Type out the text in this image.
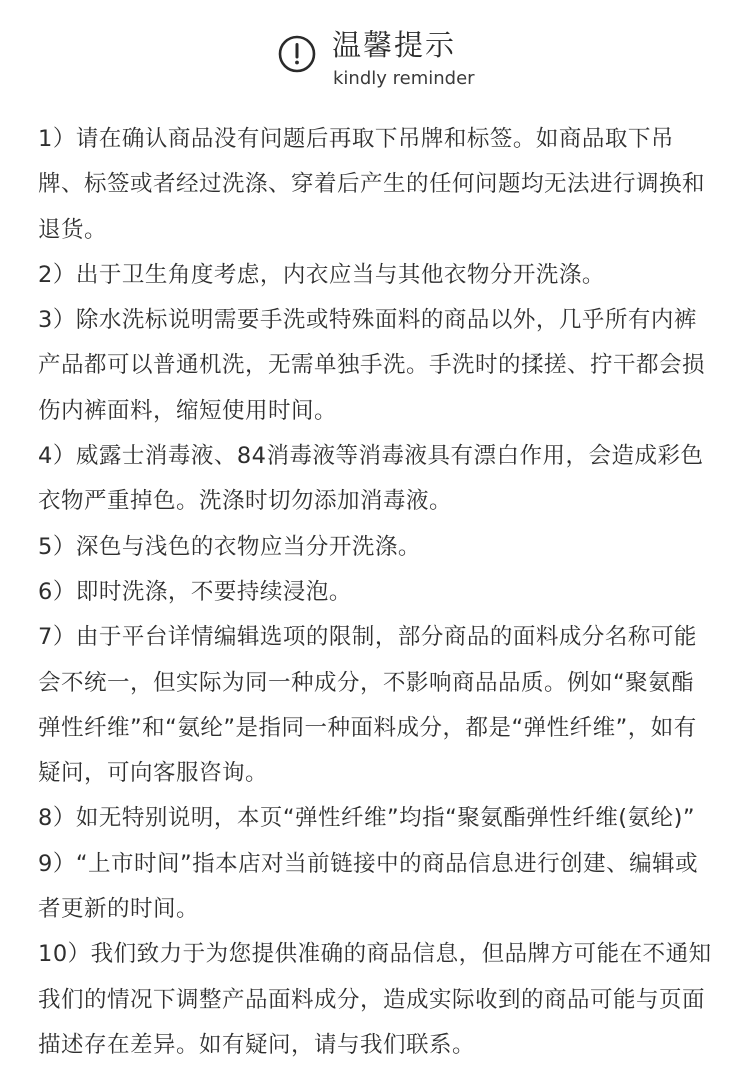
温馨提示
kindly reminder

1）请在确认商品没有问题后再取下吊牌和标签。如商品取下吊牌、标签或者经过洗涤、穿着后产生的任何问题均无法进行调换和退货。

2）出于卫生角度考虑，内衣应当与其他衣物分开洗涤。

3）除水洗标说明需要手洗或特殊面料的商品以外，几乎所有内裤产品都可以普通机洗，无需单独手洗。手洗时的揉搓、拧干都会损伤内裤面料，缩短使用时间。

4）威露士消毒液、84消毒液等消毒液具有漂白作用，会造成彩色衣物严重掉色。洗涤时切勿添加消毒液。

5）深色与浅色的衣物应当分开洗涤。

6）即时洗涤，不要持续浸泡。

7）由于平台详情编辑选项的限制，部分商品的面料成分名称可能会不统一，但实际为同一种成分，不影响商品品质。例如“聚氨酯弹性纤维”和“氨纶”是指同一种面料成分，都是“弹性纤维”，如有疑问，可向客服咨询。

8）如无特别说明，本页“弹性纤维”均指“聚氨酯弹性纤维(氨纶)”

9）“上市时间”指本店对当前链接中的商品信息进行创建、编辑或者更新的时间。

10）我们致力于为您提供准确的商品信息，但品牌方可能在不通知我们的情况下调整产品面料成分，造成实际收到的商品可能与页面描述存在差异。如有疑问，请与我们联系。
